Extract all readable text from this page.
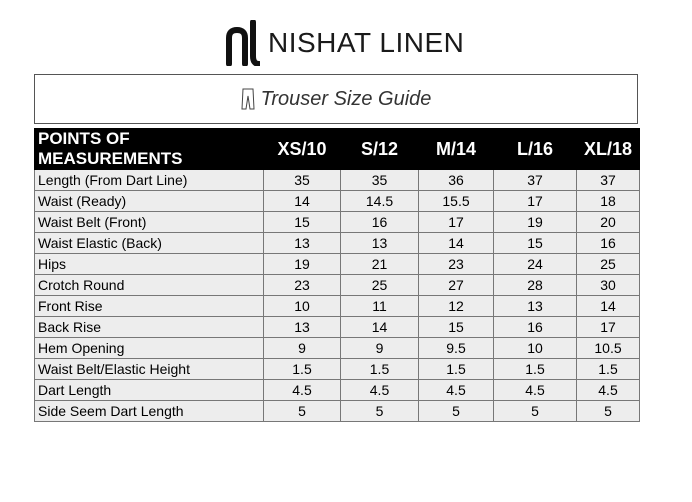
NISHAT LINEN
Trouser Size Guide
POINTS OF MEASUREMENTS	XS/10	S/12	M/14	L/16	XL/18
Length (From Dart Line)	35	35	36	37	37
Waist (Ready)	14	14.5	15.5	17	18
Waist Belt (Front)	15	16	17	19	20
Waist Elastic (Back)	13	13	14	15	16
Hips	19	21	23	24	25
Crotch Round	23	25	27	28	30
Front Rise	10	11	12	13	14
Back Rise	13	14	15	16	17
Hem Opening	9	9	9.5	10	10.5
Waist Belt/Elastic Height	1.5	1.5	1.5	1.5	1.5
Dart Length	4.5	4.5	4.5	4.5	4.5
Side Seem Dart Length	5	5	5	5	5
